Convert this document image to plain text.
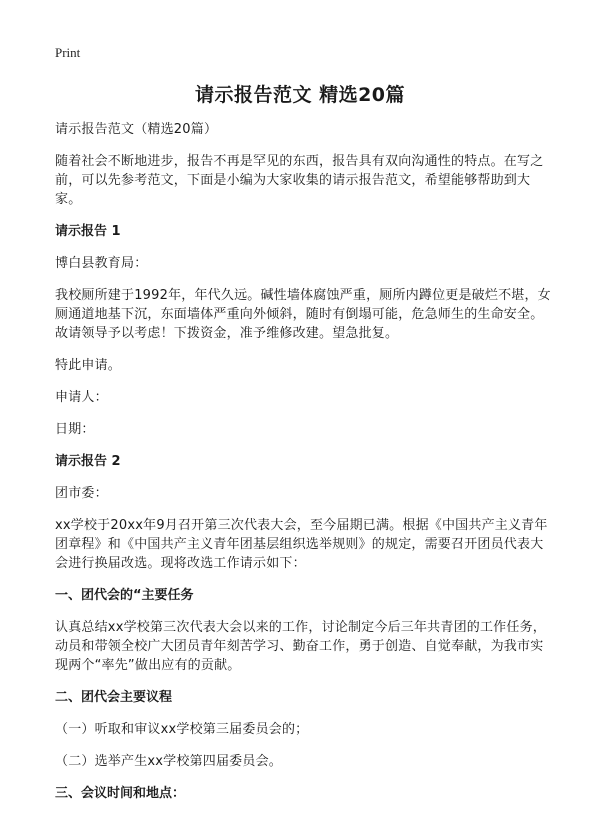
Print
请示报告范文 精选20篇
请示报告范文（精选20篇）
随着社会不断地进步，报告不再是罕见的东西，报告具有双向沟通性的特点。在写之前，可以先参考范文，下面是小编为大家收集的请示报告范文，希望能够帮助到大家。
请示报告 1
博白县教育局：
我校厕所建于1992年，年代久远。碱性墙体腐蚀严重，厕所内蹲位更是破烂不堪，女厕通道地基下沉，东面墙体严重向外倾斜，随时有倒塌可能，危急师生的生命安全。故请领导予以考虑！下拨资金，准予维修改建。望急批复。
特此申请。
申请人：
日期：
请示报告 2
团市委：
xx学校于20xx年9月召开第三次代表大会，至今届期已满。根据《中国共产主义青年团章程》和《中国共产主义青年团基层组织选举规则》的规定，需要召开团员代表大会进行换届改选。现将改选工作请示如下：
一、团代会的“主要任务
认真总结xx学校第三次代表大会以来的工作，讨论制定今后三年共青团的工作任务，动员和带领全校广大团员青年刻苦学习、勤奋工作，勇于创造、自觉奉献，为我市实现两个“率先”做出应有的贡献。
二、团代会主要议程
（一）听取和审议xx学校第三届委员会的；
（二）选举产生xx学校第四届委员会。
三、会议时间和地点：
